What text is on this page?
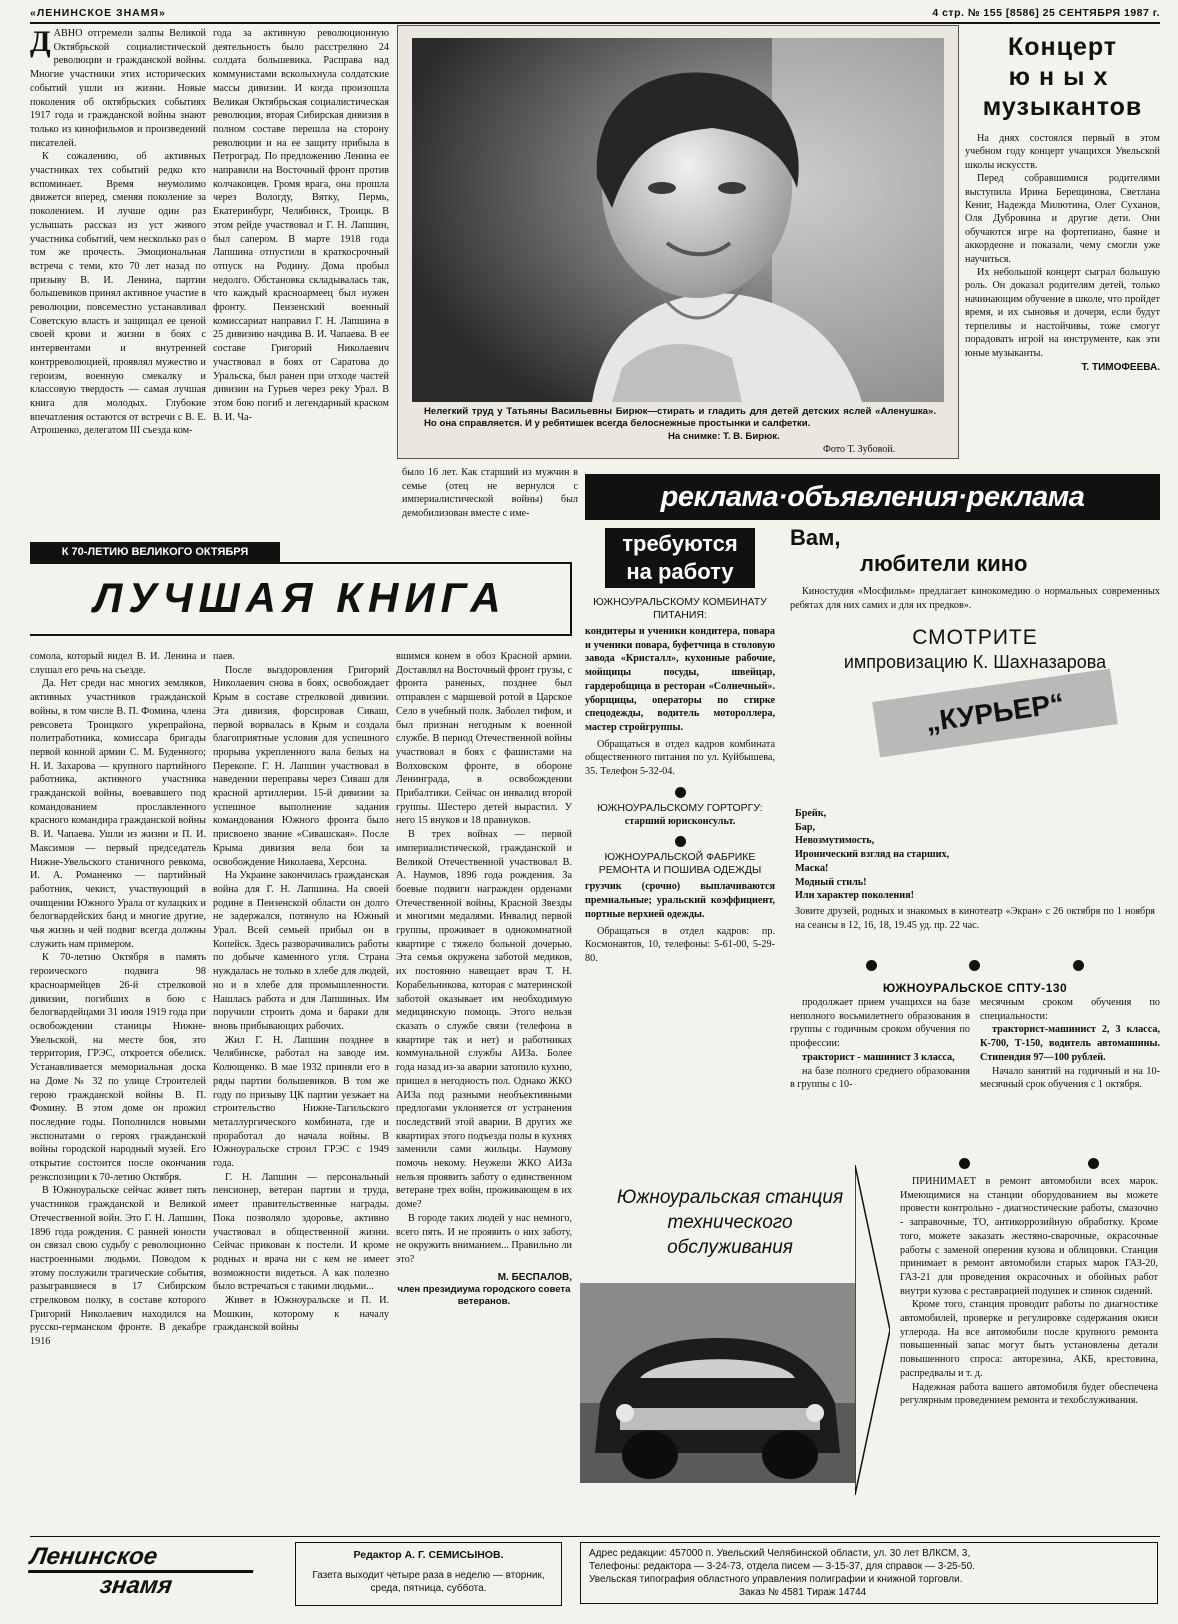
«ЛЕНИНСКОЕ ЗНАМЯ»	4 стр. № 155 [8586] 25 СЕНТЯБРЯ 1987 г.

ДАВНО отгремели залпы Великой Октябрьской социалистической революции и гражданской войны. Многие участники этих исторических событий ушли из жизни. Новые поколения об октябрьских событиях 1917 года и гражданской войны знают только из кинофильмов и произведений писателей.

К сожалению, об активных участниках тех событий редко кто вспоминает. Время неумолимо движется вперед, сменяя поколение за поколением. И лучше один раз услышать рассказ из уст живого участника событий, чем несколько раз о том же прочесть. Эмоциональная встреча с теми, кто 70 лет назад по призыву В. И. Ленина, партии большевиков принял активное участие в революции, повсеместно устанавливал Советскую власть и защищал ее ценой своей крови и жизни в боях с интервентами и внутренней контрреволюцией, проявлял мужество и героизм, военную смекалку и классовую твердость — самая лучшая книга для молодых. Глубокие впечатления остаются от встречи с В. Е. Атрошенко, делегатом III съезда ком-

года за активную революционную деятельность было расстреляно 24 солдата большевика. Расправа над коммунистами всколыхнула солдатские массы дивизии. И когда произошла Великая Октябрьская социалистическая революция, вторая Сибирская дивизия в полном составе перешла на сторону революции и на ее защиту прибыла в Петроград. По предложению Ленина ее направили на Восточный фронт против колчаковцев. Громя врага, она прошла через Вологду, Вятку, Пермь, Екатеринбург, Челябинск, Троицк. В этом рейде участвовал и Г. Н. Лапшин, был сапером. В марте 1918 года Лапшина отпустили в краткосрочный отпуск на Родину. Дома пробыл недолго. Обстановка складывалась так, что каждый красноармеец был нужен фронту. Пензенский военный комиссариат направил Г. Н. Лапшина в 25 дивизию начдива В. И. Чапаева. В ее составе Григорий Николаевич участвовал в боях от Саратова до Уральска, был ранен при отходе частей дивизии на Гурьев через реку Урал. В этом бою погиб и легендарный краском В. И. Ча-

Нелегкий труд у Татьяны Васильевны Бирюк—стирать и гладить для детей детских яслей «Аленушка». Но она справляется. И у ребятишек всегда белоснежные простынки и салфетки.
На снимке: Т. В. Бирюк.
Фото Т. Зубовой.
Концерт
юных
музыкантов

На днях состоялся первый в этом учебном году концерт учащихся Увельской школы искусств.

Перед собравшимися родителями выступила Ирина Берещинова, Светлана Кениг, Надежда Милютина, Олег Суханов, Оля Дубровина и другие дети. Они обучаются игре на фортепиано, баяне и аккордеоне и показали, чему смогли уже научиться.

Их небольшой концерт сыграл большую роль. Он доказал родителям детей, только начинающим обучение в школе, что пройдет время, и их сыновья и дочери, если будут терпеливы и настойчивы, тоже смогут порадовать игрой на инструменте, как эти юные музыканты.

Т. ТИМОФЕЕВА.

было 16 лет. Как старший из мужчин в семье (отец не вернулся с империалистической войны) был демобилизован вместе с име-

К 70-ЛЕТИЮ ВЕЛИКОГО ОКТЯБРЯ
ЛУЧШАЯ КНИГА

сомола, который видел В. И. Ленина и слушал его речь на съезде.

Да. Нет среди нас многих земляков, активных участников гражданской войны, в том числе В. П. Фомина, члена ревсовета Троицкого укрепрайона, политработника, комиссара бригады первой конной армии С. М. Буденного; Н. И. Захарова — крупного партийного работника, активного участника гражданской войны, воевавшего под командованием прославленного красного командира гражданской войны В. И. Чапаева. Ушли из жизни и П. И. Максимов — первый председатель Нижне-Увельского станичного ревкома, И. А. Романенко — партийный работник, чекист, участвующий в очищении Южного Урала от кулацких и белогвардейских банд и многие другие, чья жизнь и чей подвиг всегда должны служить нам примером.

К 70-летию Октября в память героического подвига 98 красноармейцев 26-й стрелковой дивизии, погибших в бою с белогвардейцами 31 июля 1919 года при освобождении станицы Нижне-Увельской, на месте боя, это территория, ГРЭС, откроется обелиск. Устанавливается мемориальная доска на Доме № 32 по улице Строителей герою гражданской войны В. П. Фомину. В этом доме он прожил последние годы. Пополнился новыми экспонатами о героях гражданской войны городской народный музей. Его открытие состоится после окончания реэкспозиции к 70-летию Октября.

В Южноуральске сейчас живет пять участников гражданской и Великой Отечественной войн. Это Г. Н. Лапшин, 1896 года рождения. С ранней юности он связал свою судьбу с революционно настроенными людьми. Поводом к этому послужили трагические события, разыгравшиеся в 17 Сибирском стрелковом полку, в составе которого Григорий Николаевич находился на русско-германском фронте. В декабре 1916

паев.

После выздоровления Григорий Николаевич снова в боях, освобождает Крым в составе стрелковой дивизии. Эта дивизия, форсировав Сиваш, первой ворвалась в Крым и создала благоприятные условия для успешного прорыва укрепленного вала белых на Перекопе. Г. Н. Лапшин участвовал в наведении переправы через Сиваш для красной артиллерии. 15-й дивизии за успешное выполнение задания командования Южного фронта было присвоено звание «Сивашская». После Крыма дивизия вела бои за освобождение Николаева, Херсона.

На Украине закончилась гражданская война для Г. Н. Лапшина. На своей родине в Пензенской области он долго не задержался, потянуло на Южный Урал. Всей семьей прибыл он в Копейск. Здесь разворачивались работы по добыче каменного угля. Страна нуждалась не только в хлебе для людей, но и в хлебе для промышленности. Нашлась работа и для Лапшиных. Им поручили строить дома и бараки для вновь прибывающих рабочих.

Жил Г. Н. Лапшин позднее в Челябинске, работал на заводе им. Колющенко. В мае 1932 приняли его в ряды партии большевиков. В том же году по призыву ЦК партии уезжает на строительство Нижне-Тагильского металлургического комбината, где и проработал до начала войны. В Южноуральске строил ГРЭС с 1949 года.

Г. Н. Лапшин — персональный пенсионер, ветеран партии и труда, имеет правительственные награды. Пока позволяло здоровье, активно участвовал в общественной жизни. Сейчас прикован к постели. И кроме родных и врача ни с кем не имеет возможности видеться. А как полезно было встречаться с такими людьми...

Живет в Южноуральске и П. И. Мошкин, которому к началу гражданской войны

вшимся конем в обоз Красной армии. Доставлял на Восточный фронт грузы, с фронта раненых, позднее был отправлен с маршевой ротой в Царское Село в учебный полк. Заболел тифом, и был признан негодным к военной службе. В период Отечественной войны участвовал в боях с фашистами на Волховском фронте, в обороне Ленинграда, в освобождении Прибалтики. Сейчас он инвалид второй группы. Шестеро детей вырастил. У него 15 внуков и 18 правнуков.

В трех войнах — первой империалистической, гражданской и Великой Отечественной участвовал В. А. Наумов, 1896 года рождения. За боевые подвиги награжден орденами Отечественной войны, Красной Звезды и многими медалями. Инвалид первой группы, проживает в однокомнатной квартире с тяжело больной дочерью. Эта семья окружена заботой медиков, их постоянно навещает врач Т. Н. Корабельникова, которая с материнской заботой оказывает им необходимую медицинскую помощь. Этого нельзя сказать о службе связи (телефона в квартире так и нет) и работниках коммунальной службы АИЗа. Более года назад из-за аварии затопило кухню, пришел в негодность пол. Однако ЖКО АИЗа под разными необъективными предлогами уклоняется от устранения последствий этой аварии. В других же квартирах этого подъезда полы в кухнях заменили сами жильцы. Наумову помочь некому. Неужели ЖКО АИЗа нельзя проявить заботу о единственном ветеране трех войн, проживающем в их доме?

В городе таких людей у нас немного, всего пять. И не проявить о них заботу, не окружить вниманием... Правильно ли это?

М. БЕСПАЛОВ,
член президиума городского совета ветеранов.
реклама·объявления·реклама
требуются
на работу
ЮЖНОУРАЛЬСКОМУ КОМБИНАТУ ПИТАНИЯ:
кондитеры и ученики кондитера, повара и ученики повара, буфетчица в столовую завода «Кристалл», кухонные рабочие, мойщицы посуды, швейцар, гардеробщица в ресторан «Солнечный». уборщицы, операторы по стирке спецодежды, водитель мотороллера, мастер стройгруппы.
Обращаться в отдел кадров комбината общественного питания по ул. Куйбышева, 35. Телефон 5-32-04.
ЮЖНОУРАЛЬСКОМУ ГОРТОРГУ:
старший юрисконсульт.
ЮЖНОУРАЛЬСКОЙ ФАБРИКЕ РЕМОНТА И ПОШИВА ОДЕЖДЫ
грузчик (срочно) выплачиваются премиальные; уральский коэффициент, портные верхней одежды.
Обращаться в отдел кадров: пр. Космонавтов, 10, телефоны: 5-61-00, 5-29-80.
Вам,
любители кино
Киностудия «Мосфильм» предлагает кинокомедию о нормальных современных ребятах для них самих и для их предков».
СМОТРИТЕ
импровизацию К. Шахназарова
„КУРЬЕР“
Брейк,
Бар,
Невозмутимость,
Иронический взгляд на старших,
Маска!
Модный стиль!
Или характер поколения!
Зовите друзей, родных и знакомых в кинотеатр «Экран» с 26 октября по 1 ноября на сеансы в 12, 16, 18, 19.45 уд. пр. 22 час.
ЮЖНОУРАЛЬСКОЕ СПТУ-130

продолжает прием учащихся на базе неполного восьмилетнего образования в группы с годичным сроком обучения по профессии:

тракторист - машинист 3 класса,

на базе полного среднего образования в группы с 10-

месячным сроком обучения по специальности:

тракторист-машинист 2, 3 класса, К-700, Т-150, водитель автомашины. Стипендия 97—100 рублей.

Начало занятий на годичный и на 10-месячный срок обучения с 1 октября.

Южноуральская станция технического обслуживания

ПРИНИМАЕТ в ремонт автомобили всех марок. Имеющимися на станции оборудованием вы можете провести контрольно - диагностические работы, смазочно - заправочные, ТО, антикоррозийную обработку. Кроме того, можете заказать жестяно-сварочные, окрасочные работы с заменой оперения кузова и облицовки. Станция принимает в ремонт автомобили старых марок ГАЗ-20, ГАЗ-21 для проведения окрасочных и обойных работ внутри кузова с реставрацией подушек и спинок сидений.

Кроме того, станция проводит работы по диагностике автомобилей, проверке и регулировке содержания окиси углерода. На все автомобили после крупного ремонта повышенный запас могут быть установлены детали повышенного спроса: авторезина, АКБ, крестовина, распредвалы и т. д.

Надежная работа вашего автомобиля будет обеспечена регулярным проведением ремонта и техобслуживания.

Ленинское
знамя
Редактор А. Г. СЕМИСЫНОВ.
Газета выходит четыре раза в неделю — вторник, среда, пятница, суббота.
Адрес редакции: 457000 п. Увельский Челябинской области, ул. 30 лет ВЛКСМ, 3,
Телефоны: редактора — 3-24-73, отдела писем — 3-15-37, для справок — 3-25-50.
Увельская типография областного управления полиграфии и книжной торговли.
Заказ № 4581 Тираж 14744
